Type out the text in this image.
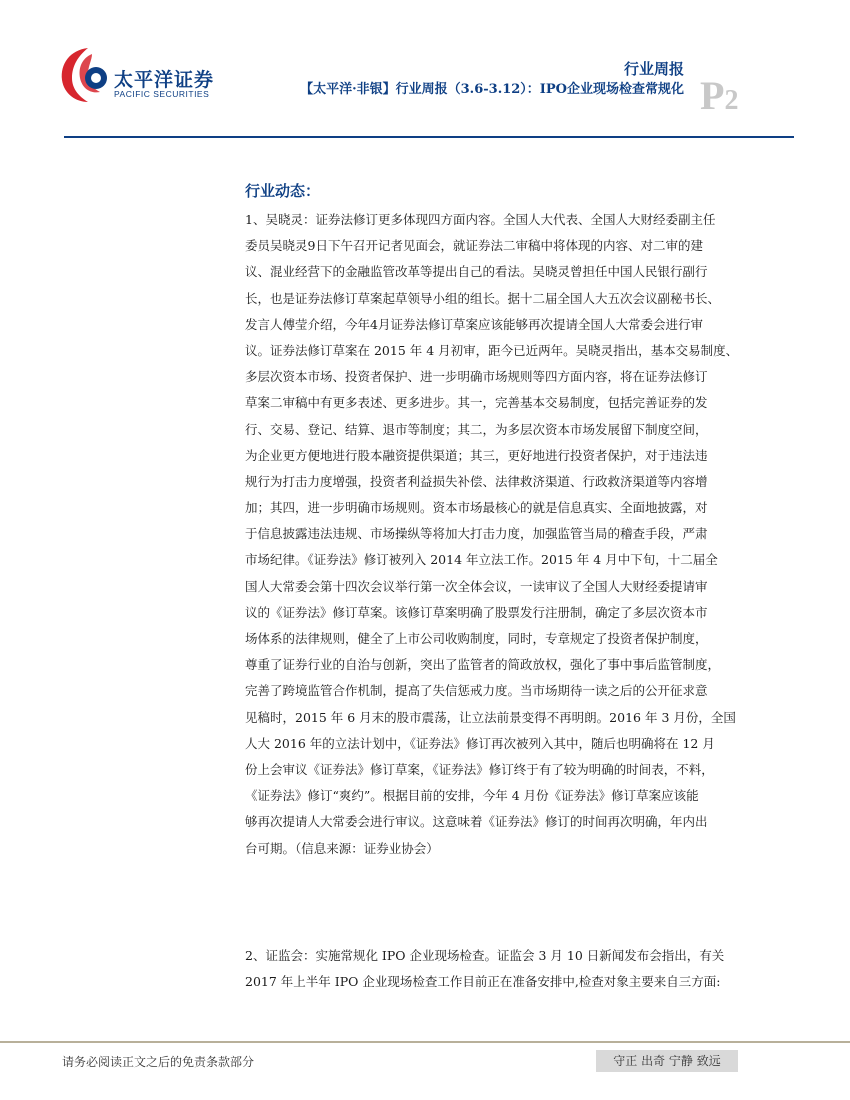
太平洋证券
PACIFIC SECURITIES
行业周报
【太平洋·非银】行业周报（3.6-3.12）：IPO企业现场检查常规化 P2
行业动态：
1、吴晓灵：证券法修订更多体现四方面内容。全国人大代表、全国人大财经委副主任
委员吴晓灵9日下午召开记者见面会，就证券法二审稿中将体现的内容、对二审的建
议、混业经营下的金融监管改革等提出自己的看法。吴晓灵曾担任中国人民银行副行
长，也是证券法修订草案起草领导小组的组长。据十二届全国人大五次会议副秘书长、
发言人傅莹介绍，今年4月证券法修订草案应该能够再次提请全国人大常委会进行审
议。证券法修订草案在 2015 年 4 月初审，距今已近两年。吴晓灵指出，基本交易制度、
多层次资本市场、投资者保护、进一步明确市场规则等四方面内容，将在证券法修订
草案二审稿中有更多表述、更多进步。其一，完善基本交易制度，包括完善证券的发
行、交易、登记、结算、退市等制度；其二，为多层次资本市场发展留下制度空间，
为企业更方便地进行股本融资提供渠道；其三，更好地进行投资者保护，对于违法违
规行为打击力度增强，投资者利益损失补偿、法律救济渠道、行政救济渠道等内容增
加；其四，进一步明确市场规则。资本市场最核心的就是信息真实、全面地披露，对
于信息披露违法违规、市场操纵等将加大打击力度，加强监管当局的稽查手段，严肃
市场纪律。《证券法》修订被列入 2014 年立法工作。2015 年 4 月中下旬，十二届全
国人大常委会第十四次会议举行第一次全体会议，一读审议了全国人大财经委提请审
议的《证券法》修订草案。该修订草案明确了股票发行注册制，确定了多层次资本市
场体系的法律规则，健全了上市公司收购制度，同时，专章规定了投资者保护制度，
尊重了证券行业的自治与创新，突出了监管者的简政放权，强化了事中事后监管制度，
完善了跨境监管合作机制，提高了失信惩戒力度。当市场期待一读之后的公开征求意
见稿时，2015 年 6 月末的股市震荡，让立法前景变得不再明朗。2016 年 3 月份，全国
人大 2016 年的立法计划中，《证券法》修订再次被列入其中，随后也明确将在 12 月
份上会审议《证券法》修订草案，《证券法》修订终于有了较为明确的时间表，不料，
《证券法》修订“爽约”。根据目前的安排，今年 4 月份《证券法》修订草案应该能
够再次提请人大常委会进行审议。这意味着《证券法》修订的时间再次明确，年内出
台可期。（信息来源：证券业协会）
2、证监会：实施常规化 IPO 企业现场检查。证监会 3 月 10 日新闻发布会指出，有关
2017 年上半年 IPO 企业现场检查工作目前正在准备安排中,检查对象主要来自三方面:
请务必阅读正文之后的免责条款部分	守正 出奇 宁静 致远
